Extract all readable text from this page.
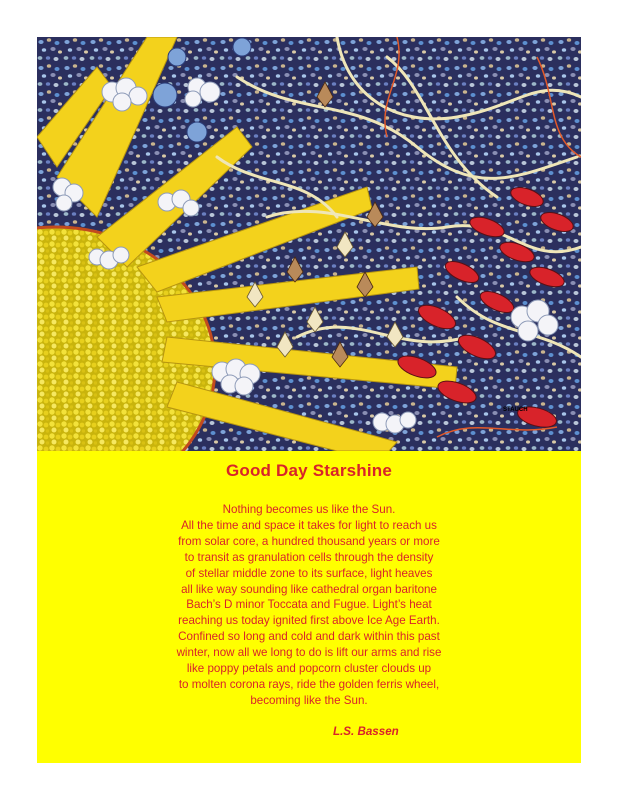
STAUCH
Good Day Starshine
Nothing becomes us like the Sun.
All the time and space it takes for light to reach us
from solar core, a hundred thousand years or more
to transit as granulation cells through the density
of stellar middle zone to its surface, light heaves
all like way sounding like cathedral organ baritone
Bach’s D minor Toccata and Fugue. Light’s heat
reaching us today ignited first above Ice Age Earth.
Confined so long and cold and dark within this past
winter, now all we long to do is lift our arms and rise
like poppy petals and popcorn cluster clouds up
to molten corona rays, ride the golden ferris wheel,
becoming like the Sun.
L.S. Bassen
